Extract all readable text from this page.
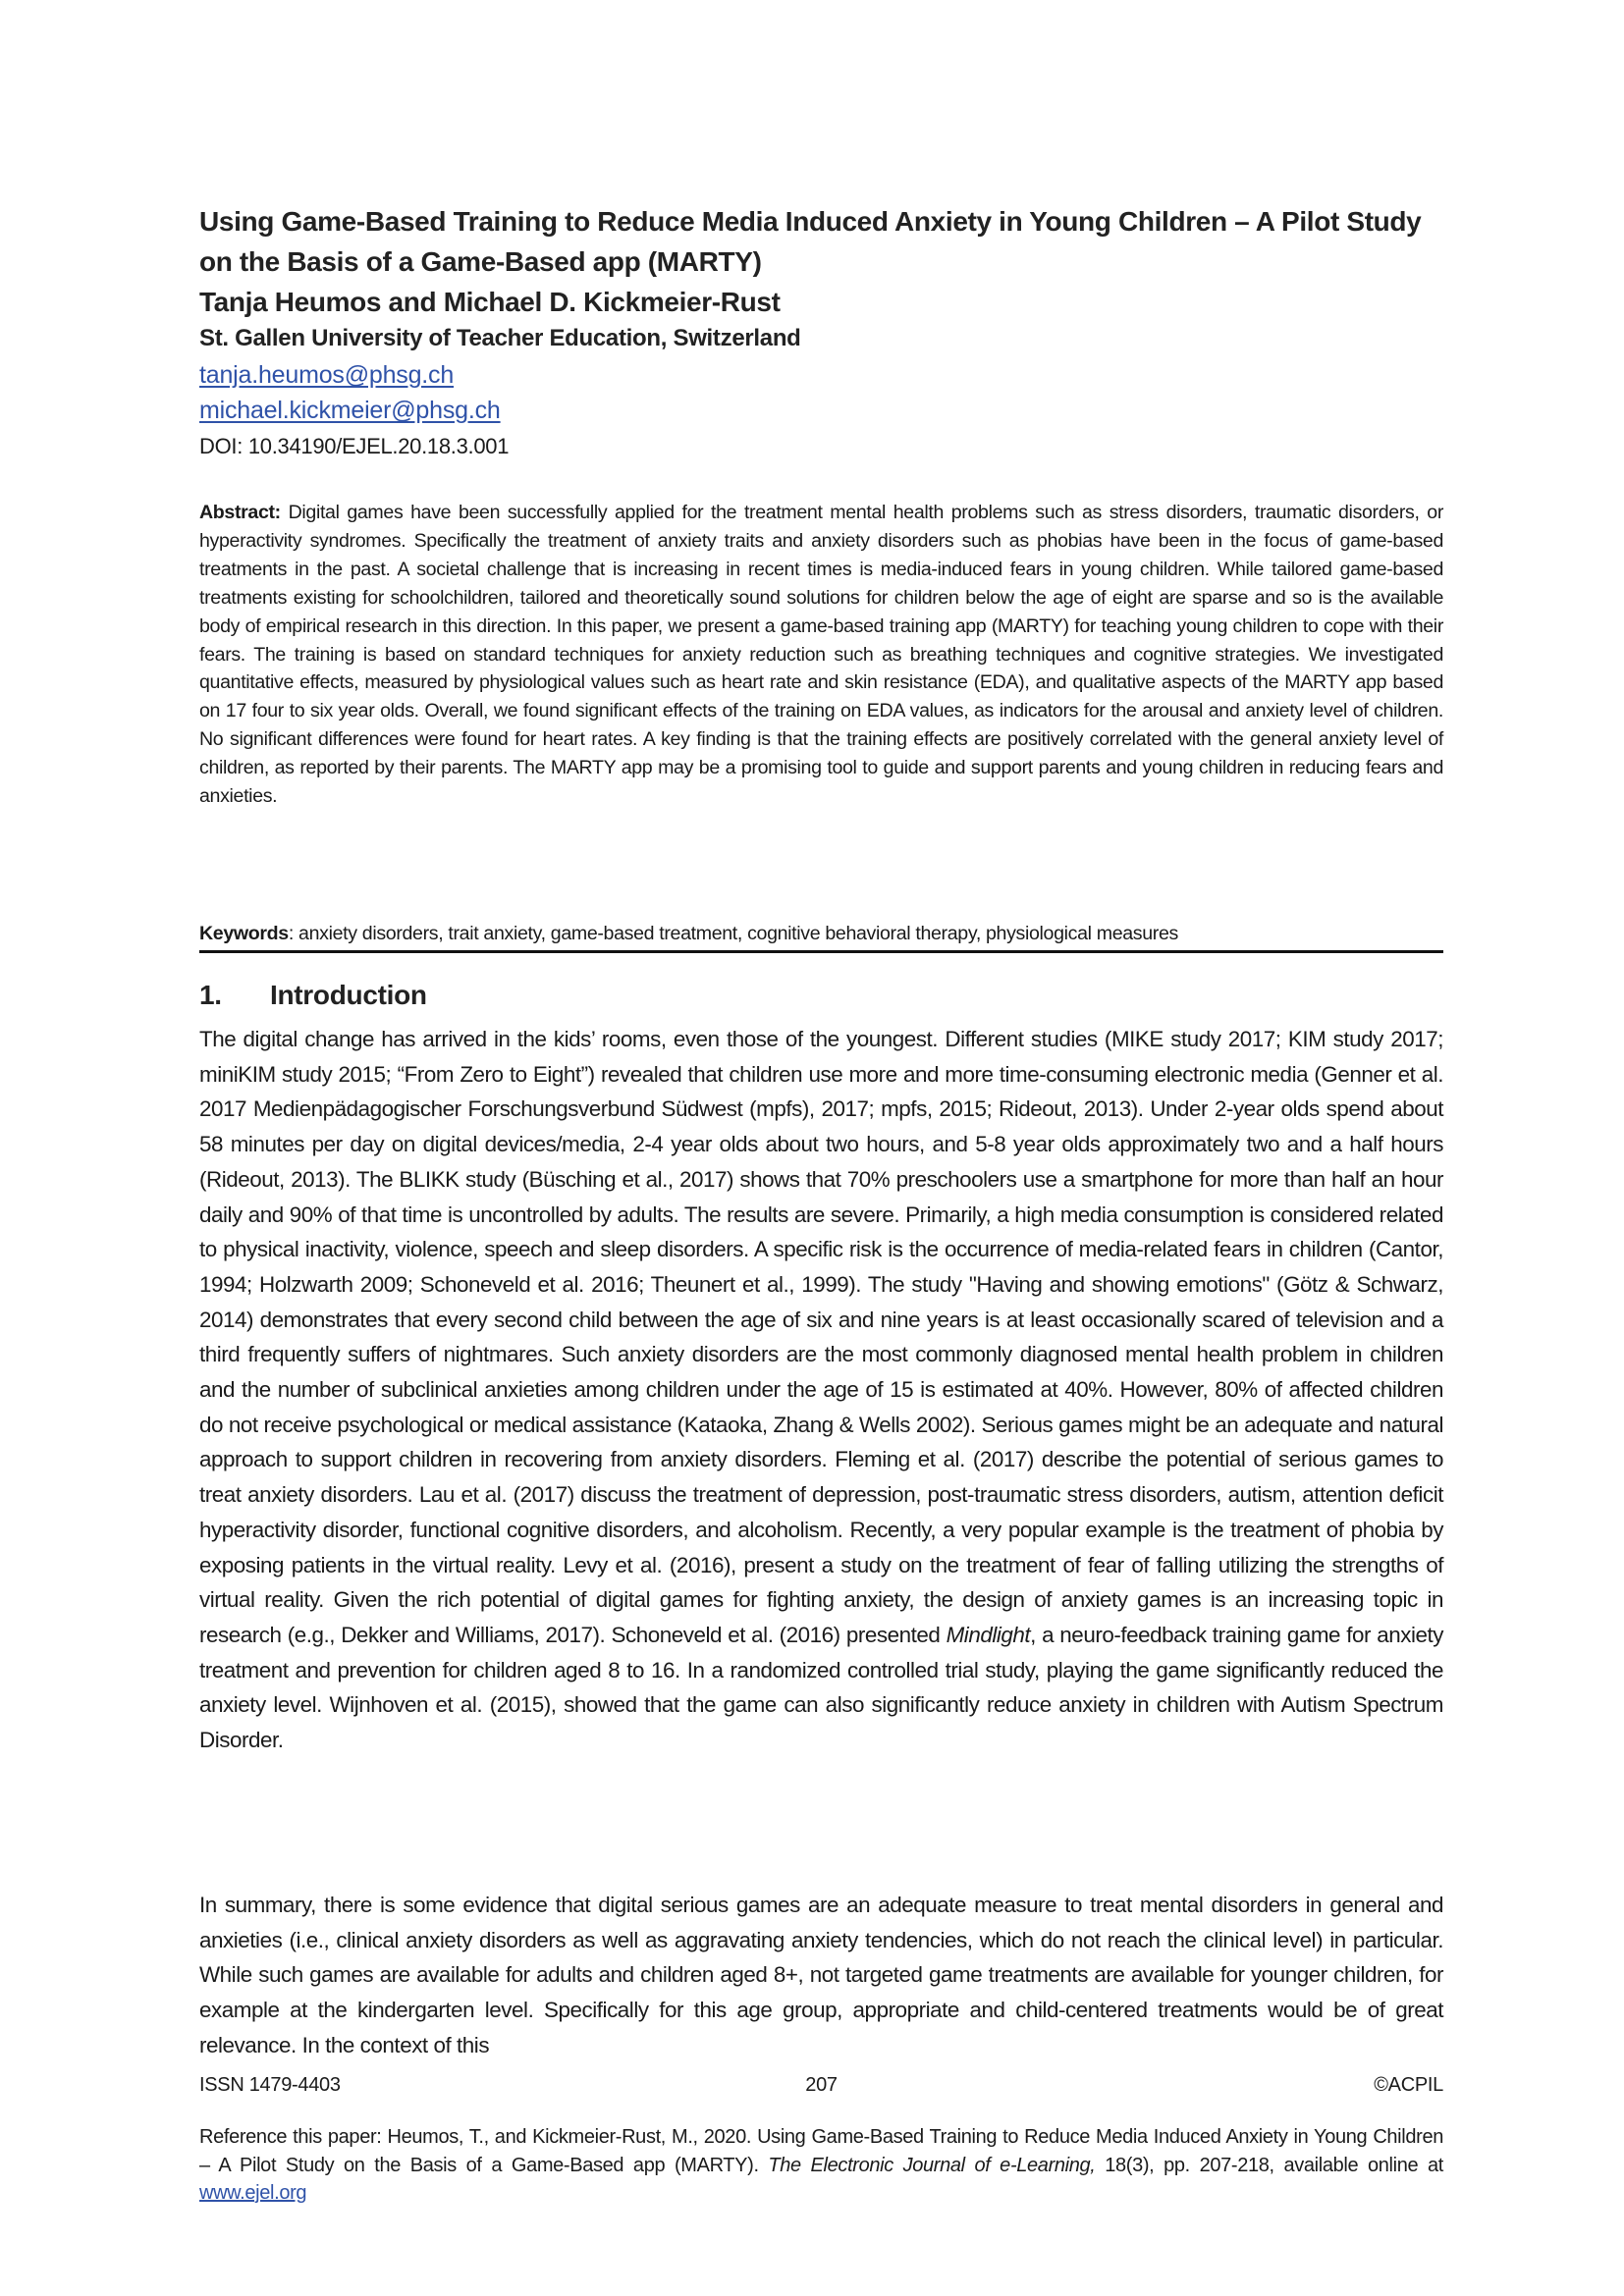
Using Game-Based Training to Reduce Media Induced Anxiety in Young Children – A Pilot Study on the Basis of a Game-Based app (MARTY)
Tanja Heumos and Michael D. Kickmeier-Rust
St. Gallen University of Teacher Education, Switzerland
tanja.heumos@phsg.ch
michael.kickmeier@phsg.ch
DOI: 10.34190/EJEL.20.18.3.001
Abstract: Digital games have been successfully applied for the treatment mental health problems such as stress disorders, traumatic disorders, or hyperactivity syndromes. Specifically the treatment of anxiety traits and anxiety disorders such as phobias have been in the focus of game-based treatments in the past. A societal challenge that is increasing in recent times is media-induced fears in young children. While tailored game-based treatments existing for schoolchildren, tailored and theoretically sound solutions for children below the age of eight are sparse and so is the available body of empirical research in this direction. In this paper, we present a game-based training app (MARTY) for teaching young children to cope with their fears. The training is based on standard techniques for anxiety reduction such as breathing techniques and cognitive strategies. We investigated quantitative effects, measured by physiological values such as heart rate and skin resistance (EDA), and qualitative aspects of the MARTY app based on 17 four to six year olds. Overall, we found significant effects of the training on EDA values, as indicators for the arousal and anxiety level of children. No significant differences were found for heart rates. A key finding is that the training effects are positively correlated with the general anxiety level of children, as reported by their parents. The MARTY app may be a promising tool to guide and support parents and young children in reducing fears and anxieties.
Keywords: anxiety disorders, trait anxiety, game-based treatment, cognitive behavioral therapy, physiological measures
1. Introduction
The digital change has arrived in the kids’ rooms, even those of the youngest. Different studies (MIKE study 2017; KIM study 2017; miniKIM study 2015; “From Zero to Eight”) revealed that children use more and more time-consuming electronic media (Genner et al. 2017 Medienpädagogischer Forschungsverbund Südwest (mpfs), 2017; mpfs, 2015; Rideout, 2013). Under 2-year olds spend about 58 minutes per day on digital devices/media, 2-4 year olds about two hours, and 5-8 year olds approximately two and a half hours (Rideout, 2013). The BLIKK study (Büsching et al., 2017) shows that 70% preschoolers use a smartphone for more than half an hour daily and 90% of that time is uncontrolled by adults. The results are severe. Primarily, a high media consumption is considered related to physical inactivity, violence, speech and sleep disorders. A specific risk is the occurrence of media-related fears in children (Cantor, 1994; Holzwarth 2009; Schoneveld et al. 2016; Theunert et al., 1999). The study "Having and showing emotions" (Götz & Schwarz, 2014) demonstrates that every second child between the age of six and nine years is at least occasionally scared of television and a third frequently suffers of nightmares. Such anxiety disorders are the most commonly diagnosed mental health problem in children and the number of subclinical anxieties among children under the age of 15 is estimated at 40%. However, 80% of affected children do not receive psychological or medical assistance (Kataoka, Zhang & Wells 2002). Serious games might be an adequate and natural approach to support children in recovering from anxiety disorders. Fleming et al. (2017) describe the potential of serious games to treat anxiety disorders. Lau et al. (2017) discuss the treatment of depression, post-traumatic stress disorders, autism, attention deficit hyperactivity disorder, functional cognitive disorders, and alcoholism. Recently, a very popular example is the treatment of phobia by exposing patients in the virtual reality. Levy et al. (2016), present a study on the treatment of fear of falling utilizing the strengths of virtual reality. Given the rich potential of digital games for fighting anxiety, the design of anxiety games is an increasing topic in research (e.g., Dekker and Williams, 2017). Schoneveld et al. (2016) presented Mindlight, a neuro-feedback training game for anxiety treatment and prevention for children aged 8 to 16. In a randomized controlled trial study, playing the game significantly reduced the anxiety level. Wijnhoven et al. (2015), showed that the game can also significantly reduce anxiety in children with Autism Spectrum Disorder.
In summary, there is some evidence that digital serious games are an adequate measure to treat mental disorders in general and anxieties (i.e., clinical anxiety disorders as well as aggravating anxiety tendencies, which do not reach the clinical level) in particular. While such games are available for adults and children aged 8+, not targeted game treatments are available for younger children, for example at the kindergarten level. Specifically for this age group, appropriate and child-centered treatments would be of great relevance. In the context of this
ISSN 1479-4403	207	©ACPIL
Reference this paper: Heumos, T., and Kickmeier-Rust, M., 2020. Using Game-Based Training to Reduce Media Induced Anxiety in Young Children – A Pilot Study on the Basis of a Game-Based app (MARTY). The Electronic Journal of e-Learning, 18(3), pp. 207-218, available online at www.ejel.org
